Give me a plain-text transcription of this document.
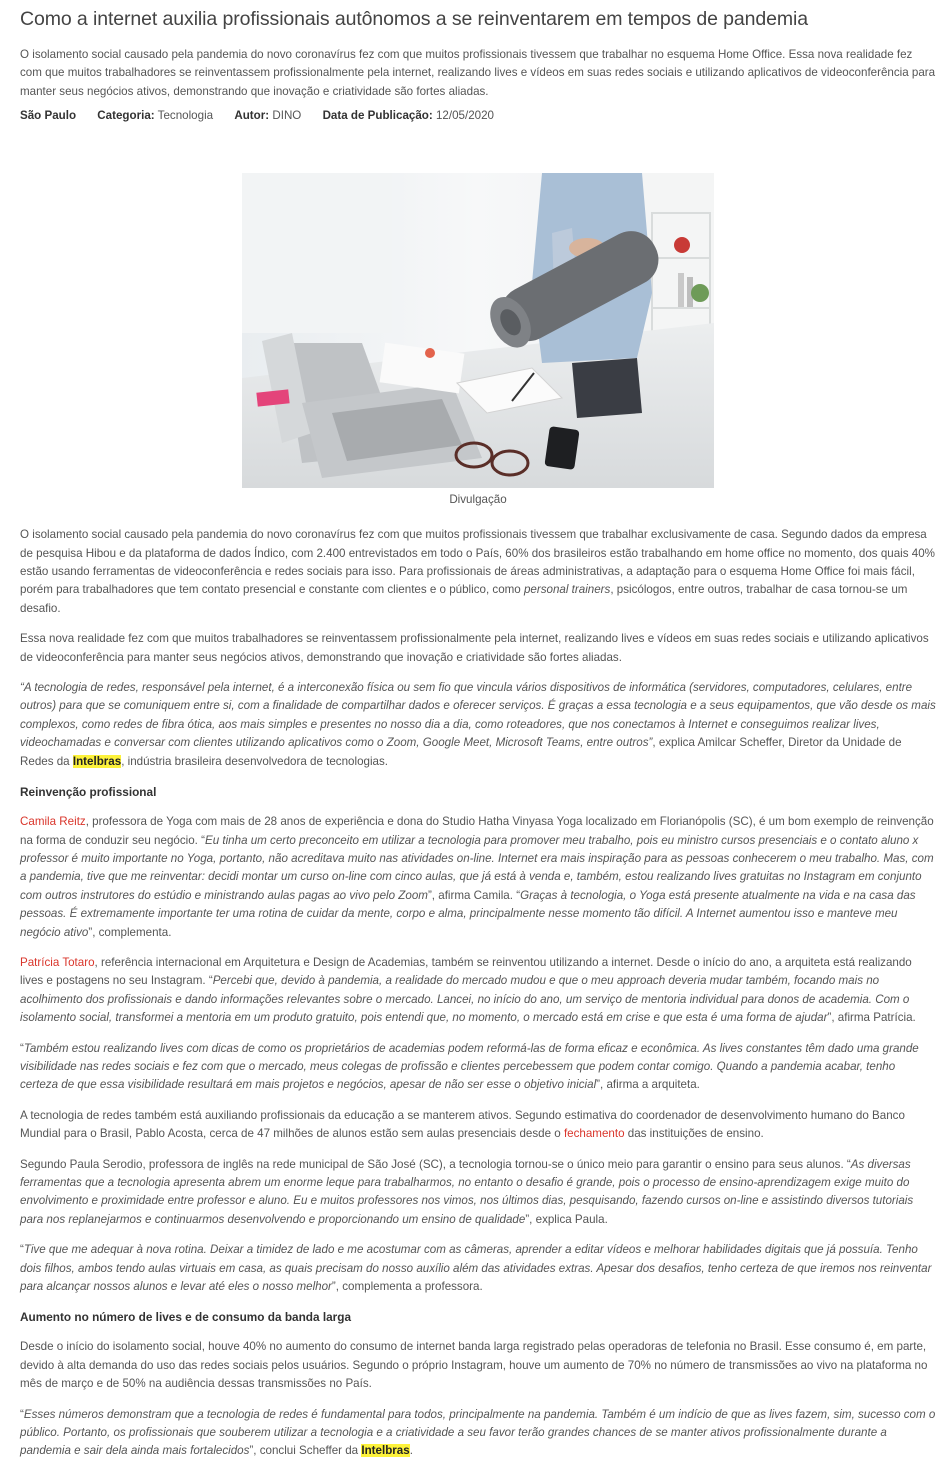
Como a internet auxilia profissionais autônomos a se reinventarem em tempos de pandemia

O isolamento social causado pela pandemia do novo coronavírus fez com que muitos profissionais tivessem que trabalhar no esquema Home Office. Essa nova realidade fez com que muitos trabalhadores se reinventassem profissionalmente pela internet, realizando lives e vídeos em suas redes sociais e utilizando aplicativos de videoconferência para manter seus negócios ativos, demonstrando que inovação e criatividade são fortes aliadas.

São Paulo Categoria: Tecnologia Autor: DINO Data de Publicação: 12/05/2020
Divulgação

O isolamento social causado pela pandemia do novo coronavírus fez com que muitos profissionais tivessem que trabalhar exclusivamente de casa. Segundo dados da empresa de pesquisa Hibou e da plataforma de dados Índico, com 2.400 entrevistados em todo o País, 60% dos brasileiros estão trabalhando em home office no momento, dos quais 40% estão usando ferramentas de videoconferência e redes sociais para isso. Para profissionais de áreas administrativas, a adaptação para o esquema Home Office foi mais fácil, porém para trabalhadores que tem contato presencial e constante com clientes e o público, como personal trainers, psicólogos, entre outros, trabalhar de casa tornou-se um desafio.

Essa nova realidade fez com que muitos trabalhadores se reinventassem profissionalmente pela internet, realizando lives e vídeos em suas redes sociais e utilizando aplicativos de videoconferência para manter seus negócios ativos, demonstrando que inovação e criatividade são fortes aliadas.

“A tecnologia de redes, responsável pela internet, é a interconexão física ou sem fio que vincula vários dispositivos de informática (servidores, computadores, celulares, entre outros) para que se comuniquem entre si, com a finalidade de compartilhar dados e oferecer serviços. É graças a essa tecnologia e a seus equipamentos, que vão desde os mais complexos, como redes de fibra ótica, aos mais simples e presentes no nosso dia a dia, como roteadores, que nos conectamos à Internet e conseguimos realizar lives, videochamadas e conversar com clientes utilizando aplicativos como o Zoom, Google Meet, Microsoft Teams, entre outros”, explica Amilcar Scheffer, Diretor da Unidade de Redes da Intelbras, indústria brasileira desenvolvedora de tecnologias.

Reinvenção profissional

Camila Reitz, professora de Yoga com mais de 28 anos de experiência e dona do Studio Hatha Vinyasa Yoga localizado em Florianópolis (SC), é um bom exemplo de reinvenção na forma de conduzir seu negócio. “Eu tinha um certo preconceito em utilizar a tecnologia para promover meu trabalho, pois eu ministro cursos presenciais e o contato aluno x professor é muito importante no Yoga, portanto, não acreditava muito nas atividades on-line. Internet era mais inspiração para as pessoas conhecerem o meu trabalho. Mas, com a pandemia, tive que me reinventar: decidi montar um curso on-line com cinco aulas, que já está à venda e, também, estou realizando lives gratuitas no Instagram em conjunto com outros instrutores do estúdio e ministrando aulas pagas ao vivo pelo Zoom”, afirma Camila. “Graças à tecnologia, o Yoga está presente atualmente na vida e na casa das pessoas. É extremamente importante ter uma rotina de cuidar da mente, corpo e alma, principalmente nesse momento tão difícil. A Internet aumentou isso e manteve meu negócio ativo”, complementa.

Patrícia Totaro, referência internacional em Arquitetura e Design de Academias, também se reinventou utilizando a internet. Desde o início do ano, a arquiteta está realizando lives e postagens no seu Instagram. “Percebi que, devido à pandemia, a realidade do mercado mudou e que o meu approach deveria mudar também, focando mais no acolhimento dos profissionais e dando informações relevantes sobre o mercado. Lancei, no início do ano, um serviço de mentoria individual para donos de academia. Com o isolamento social, transformei a mentoria em um produto gratuito, pois entendi que, no momento, o mercado está em crise e que esta é uma forma de ajudar”, afirma Patrícia.

“Também estou realizando lives com dicas de como os proprietários de academias podem reformá-las de forma eficaz e econômica. As lives constantes têm dado uma grande visibilidade nas redes sociais e fez com que o mercado, meus colegas de profissão e clientes percebessem que podem contar comigo. Quando a pandemia acabar, tenho certeza de que essa visibilidade resultará em mais projetos e negócios, apesar de não ser esse o objetivo inicial”, afirma a arquiteta.

A tecnologia de redes também está auxiliando profissionais da educação a se manterem ativos. Segundo estimativa do coordenador de desenvolvimento humano do Banco Mundial para o Brasil, Pablo Acosta, cerca de 47 milhões de alunos estão sem aulas presenciais desde o fechamento das instituições de ensino.

Segundo Paula Serodio, professora de inglês na rede municipal de São José (SC), a tecnologia tornou-se o único meio para garantir o ensino para seus alunos. “As diversas ferramentas que a tecnologia apresenta abrem um enorme leque para trabalharmos, no entanto o desafio é grande, pois o processo de ensino-aprendizagem exige muito do envolvimento e proximidade entre professor e aluno. Eu e muitos professores nos vimos, nos últimos dias, pesquisando, fazendo cursos on-line e assistindo diversos tutoriais para nos replanejarmos e continuarmos desenvolvendo e proporcionando um ensino de qualidade”, explica Paula.

“Tive que me adequar à nova rotina. Deixar a timidez de lado e me acostumar com as câmeras, aprender a editar vídeos e melhorar habilidades digitais que já possuía. Tenho dois filhos, ambos tendo aulas virtuais em casa, as quais precisam do nosso auxílio além das atividades extras. Apesar dos desafios, tenho certeza de que iremos nos reinventar para alcançar nossos alunos e levar até eles o nosso melhor”, complementa a professora.

Aumento no número de lives e de consumo da banda larga

Desde o início do isolamento social, houve 40% no aumento do consumo de internet banda larga registrado pelas operadoras de telefonia no Brasil. Esse consumo é, em parte, devido à alta demanda do uso das redes sociais pelos usuários. Segundo o próprio Instagram, houve um aumento de 70% no número de transmissões ao vivo na plataforma no mês de março e de 50% na audiência dessas transmissões no País.

“Esses números demonstram que a tecnologia de redes é fundamental para todos, principalmente na pandemia. Também é um indício de que as lives fazem, sim, sucesso com o público. Portanto, os profissionais que souberem utilizar a tecnologia e a criatividade a seu favor terão grandes chances de se manter ativos profissionalmente durante a pandemia e sair dela ainda mais fortalecidos”, conclui Scheffer da Intelbras.
